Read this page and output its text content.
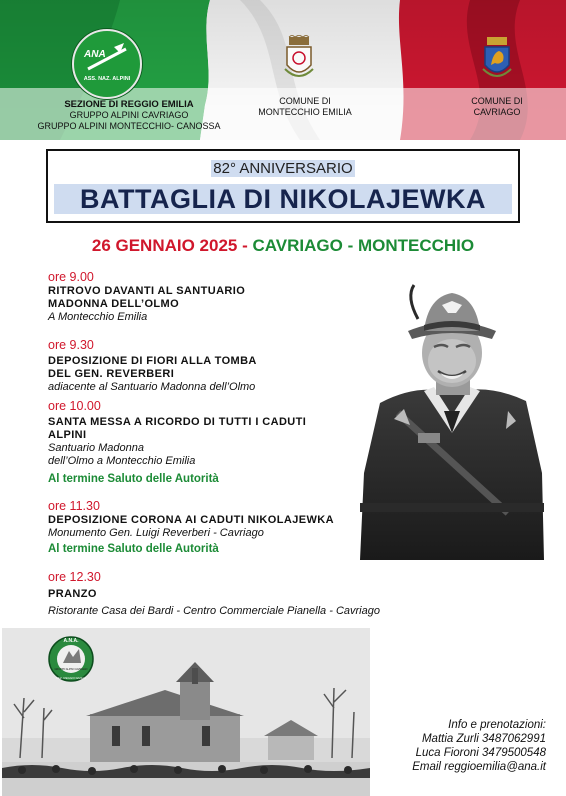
ANA
ASS. NAZ. ALPINI
SEZIONE DI REGGIO EMILIA
GRUPPO ALPINI CAVRIAGO
GRUPPO ALPINI MONTECCHIO- CANOSSA
COMUNE DI
MONTECCHIO EMILIA
COMUNE DI
CAVRIAGO
82° ANNIVERSARIO
BATTAGLIA DI NIKOLAJEWKA
26 GENNAIO 2025 - CAVRIAGO - MONTECCHIO
ore 9.00
RITROVO DAVANTI AL SANTUARIO
MADONNA DELL’OLMO
A Montecchio Emilia
ore 9.30
DEPOSIZIONE DI FIORI ALLA TOMBA
DEL GEN. REVERBERI
adiacente al Santuario Madonna dell’Olmo
ore 10.00
SANTA MESSA A RICORDO DI TUTTI I CADUTI
ALPINI
Santuario Madonna
dell’Olmo a Montecchio Emilia
Al termine Saluto delle Autorità
ore 11.30
DEPOSIZIONE CORONA AI CADUTI NIKOLAJEWKA
Monumento Gen. Luigi Reverberi - Cavriago
Al termine Saluto delle Autorità
ore 12.30
PRANZO
Ristorante Casa dei Bardi - Centro Commerciale Pianella - Cavriago
A.N.A.
GRUPPO ALPINI CAVRIAGO
SEZ. REGGIO EMILIA
Info e prenotazioni:
Mattia Zurli 3487062991
Luca Fioroni 3479500548
Email reggioemilia@ana.it
